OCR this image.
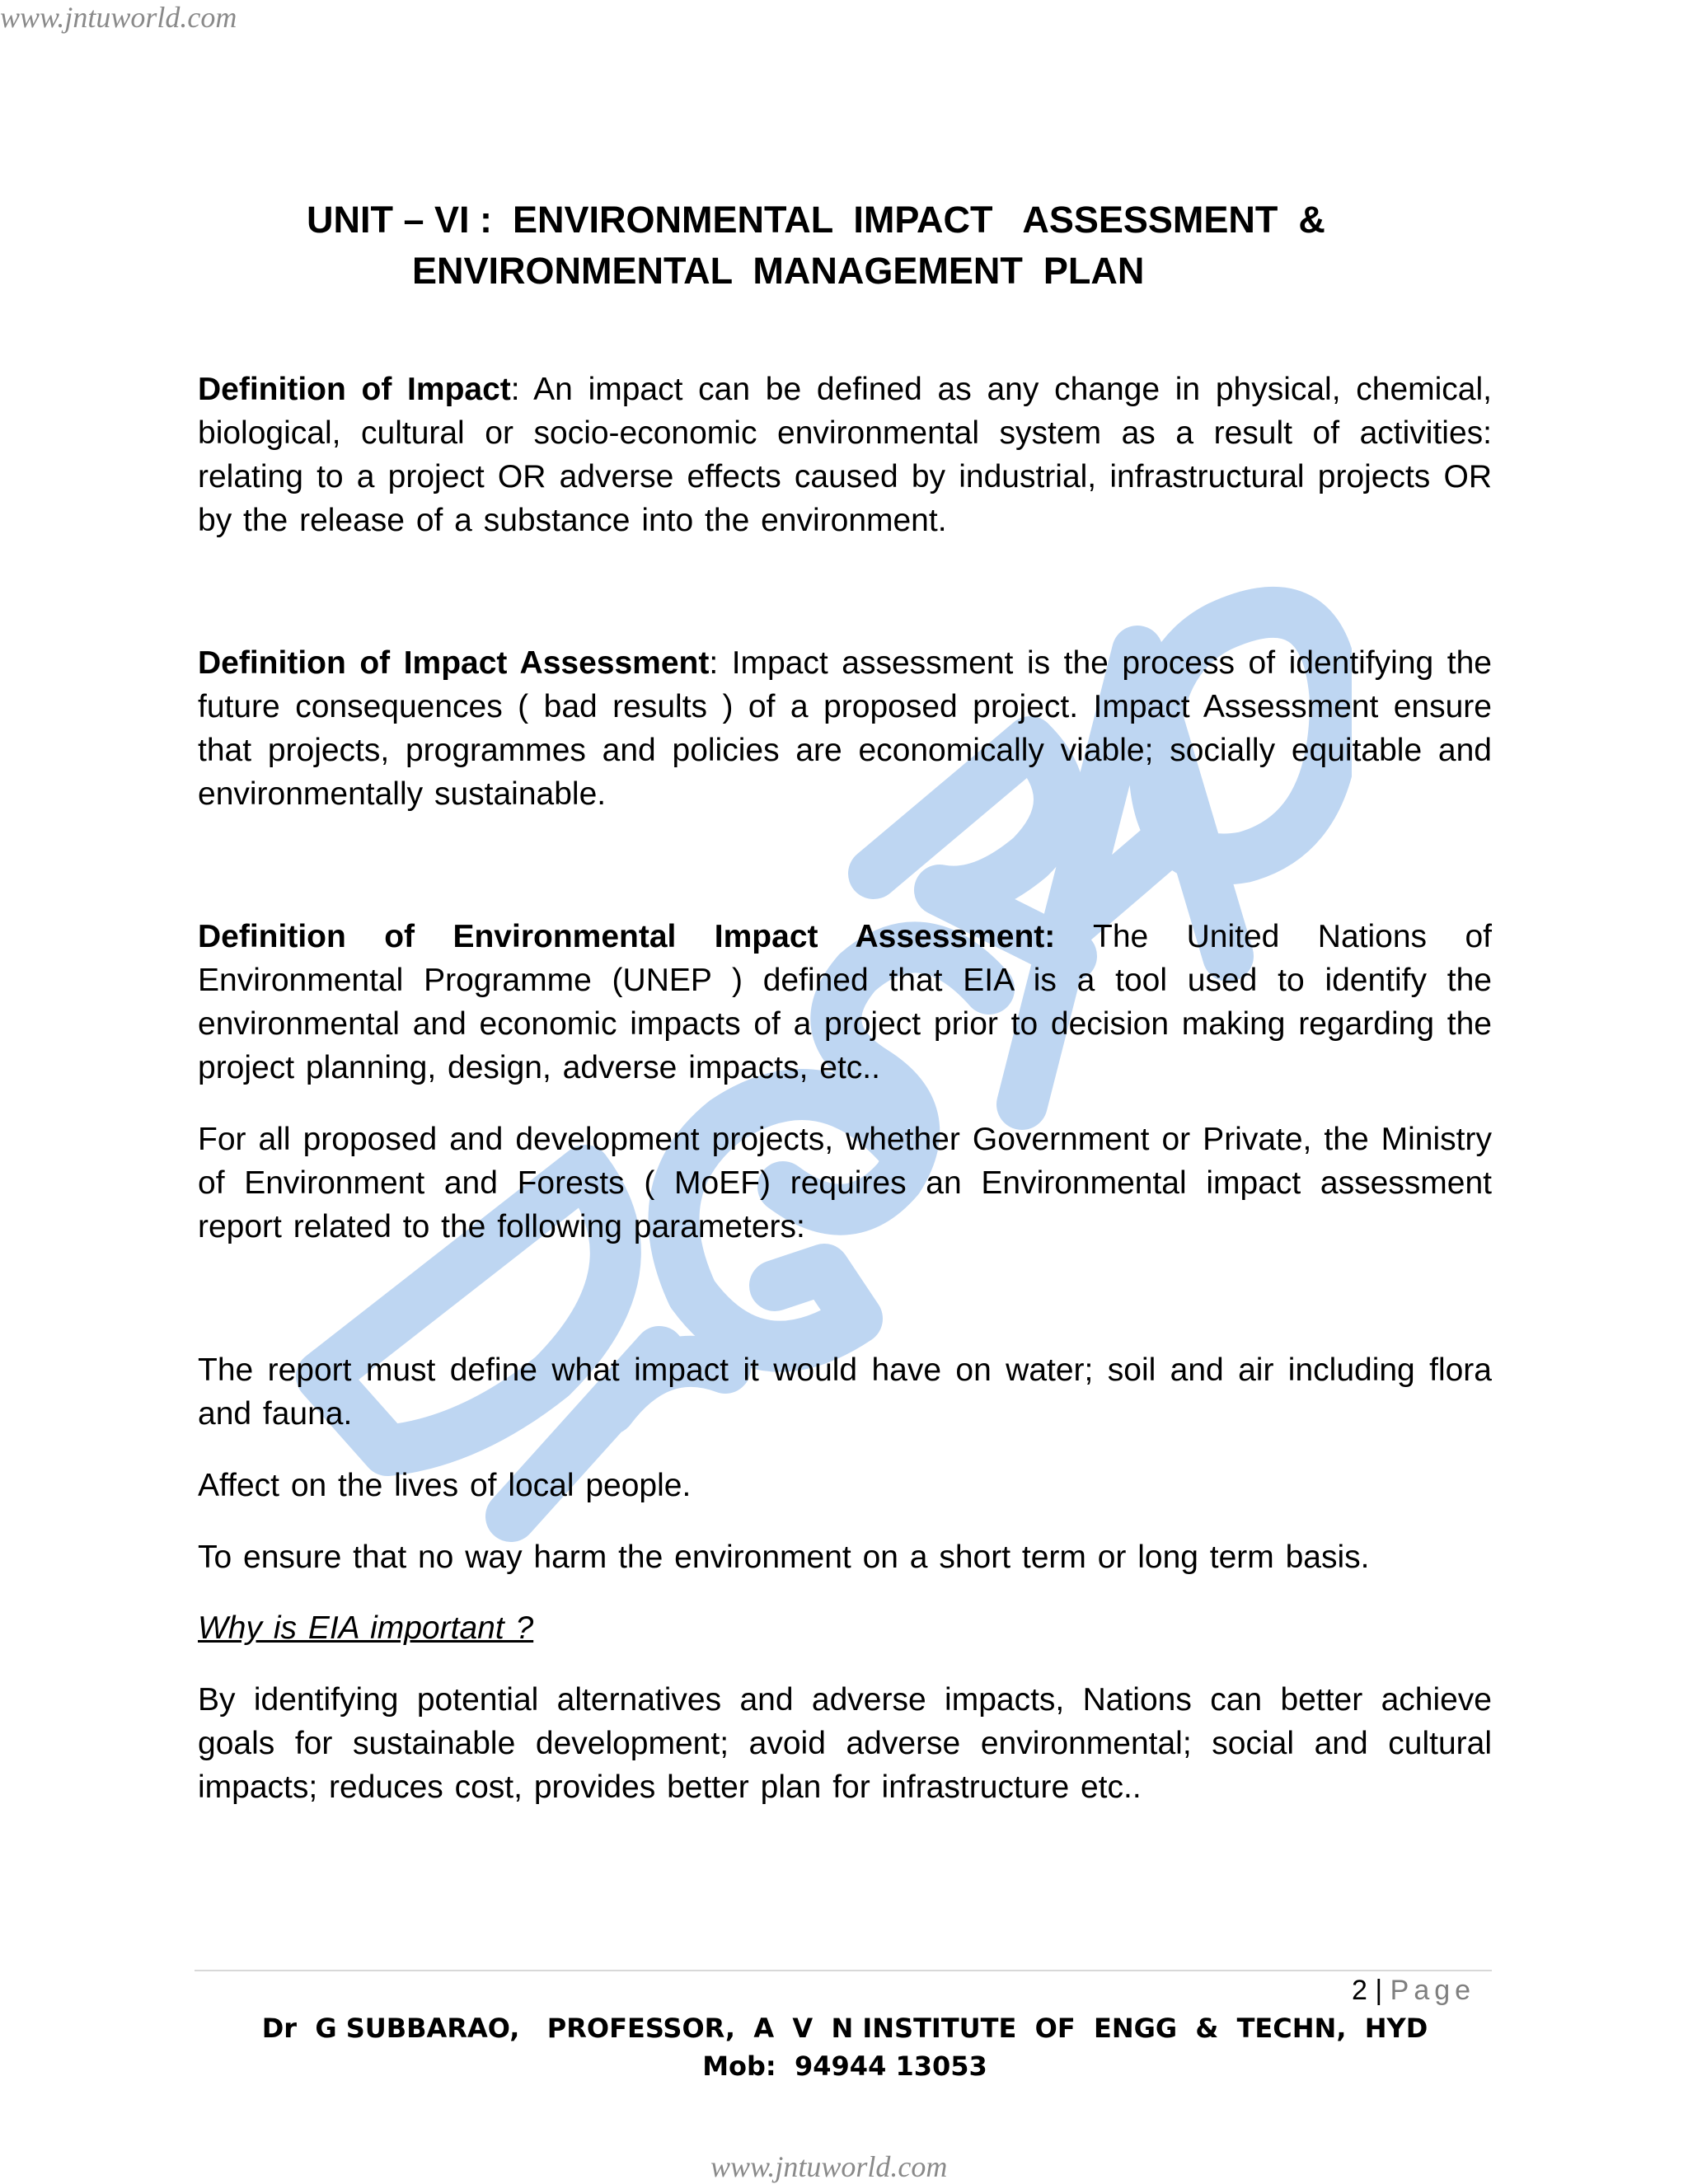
www.jntuworld.com

UNIT – VI :  ENVIRONMENTAL  IMPACT   ASSESSMENT  &

ENVIRONMENTAL  MANAGEMENT  PLAN

Definition of Impact: An impact can be defined as any change in physical, chemical, biological, cultural or socio-economic environmental system as a result of activities: relating to a project OR adverse effects caused by industrial, infrastructural projects OR by the release of a substance into the environment.

Definition of Impact Assessment: Impact assessment is the process of identifying the future consequences ( bad results ) of a proposed project. Impact Assessment ensure that projects, programmes and policies are economically viable; socially equitable and environmentally sustainable.

Definition of Environmental Impact Assessment: The United Nations of Environmental Programme (UNEP ) defined that EIA is a tool used to identify the environmental and economic impacts of a project prior to decision making regarding the project planning, design, adverse impacts, etc..

For all proposed and development projects, whether Government or Private, the Ministry of Environment and Forests ( MoEF) requires an Environmental impact assessment report related to the following parameters:

The report must define what impact it would have on water; soil and air including flora and fauna.

Affect on the lives of local people.

To ensure that no way harm the environment on a short term or long term basis.

Why is EIA important ?

By identifying potential alternatives and adverse impacts, Nations can better achieve goals for sustainable development; avoid adverse environmental; social and cultural impacts; reduces cost, provides better plan for infrastructure etc..

2 | Page
Dr  G SUBBARAO,   PROFESSOR,  A  V  N INSTITUTE  OF  ENGG  &  TECHN,  HYD
Mob:  94944 13053
www.jntuworld.com
